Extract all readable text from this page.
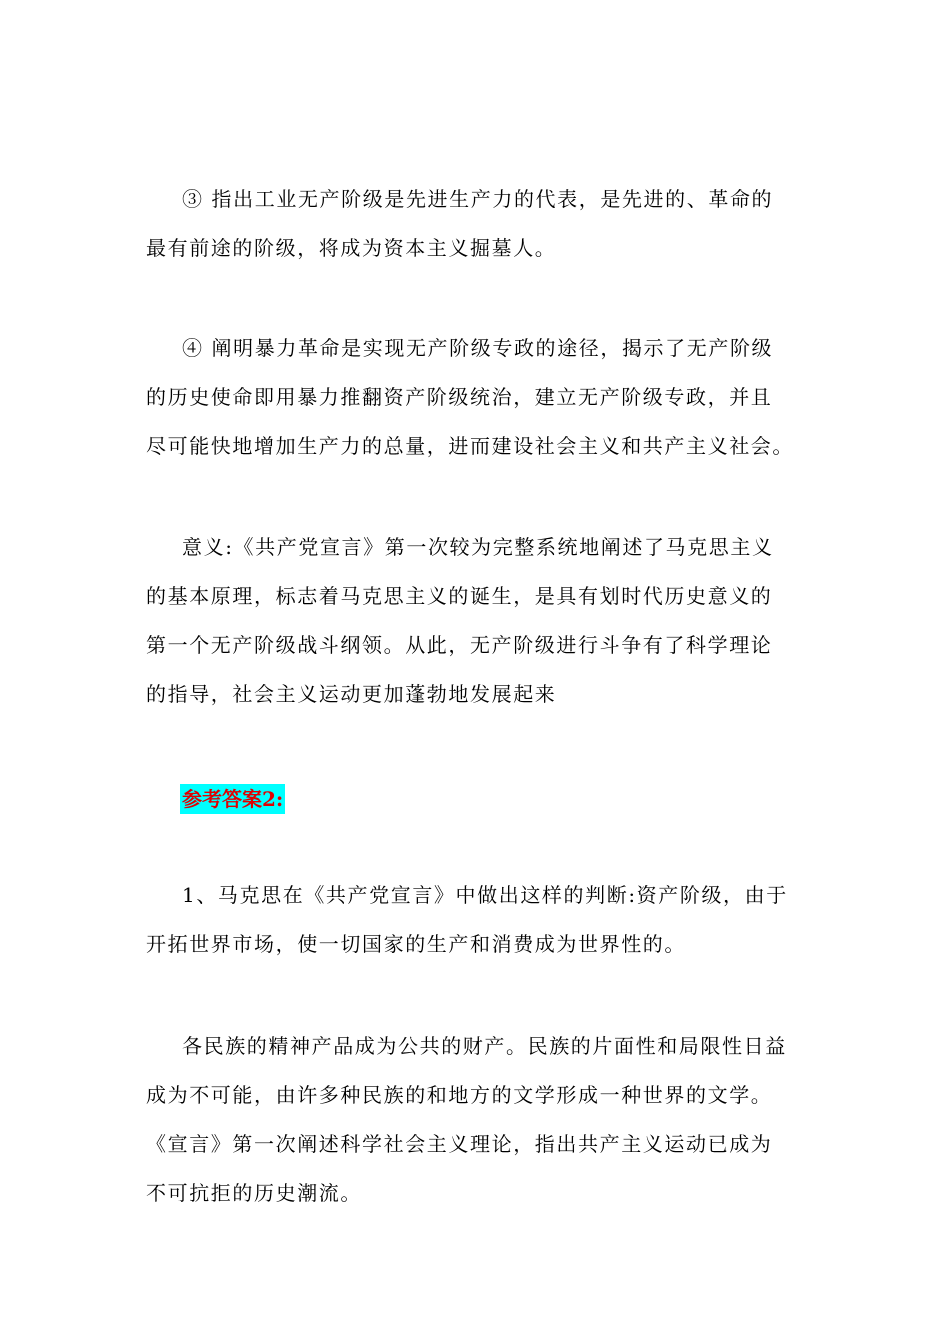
③ 指出工业无产阶级是先进生产力的代表，是先进的、革命的
最有前途的阶级，将成为资本主义掘墓人。
④ 阐明暴力革命是实现无产阶级专政的途径，揭示了无产阶级
的历史使命即用暴力推翻资产阶级统治，建立无产阶级专政，并且
尽可能快地增加生产力的总量，进而建设社会主义和共产主义社会。
意义:《共产党宣言》第一次较为完整系统地阐述了马克思主义
的基本原理，标志着马克思主义的诞生，是具有划时代历史意义的
第一个无产阶级战斗纲领。从此，无产阶级进行斗争有了科学理论
的指导，社会主义运动更加蓬勃地发展起来
参考答案2:
1、马克思在《共产党宣言》中做出这样的判断:资产阶级，由于
开拓世界市场，使一切国家的生产和消费成为世界性的。
各民族的精神产品成为公共的财产。民族的片面性和局限性日益
成为不可能，由许多种民族的和地方的文学形成一种世界的文学。
《宣言》第一次阐述科学社会主义理论，指出共产主义运动已成为
不可抗拒的历史潮流。
